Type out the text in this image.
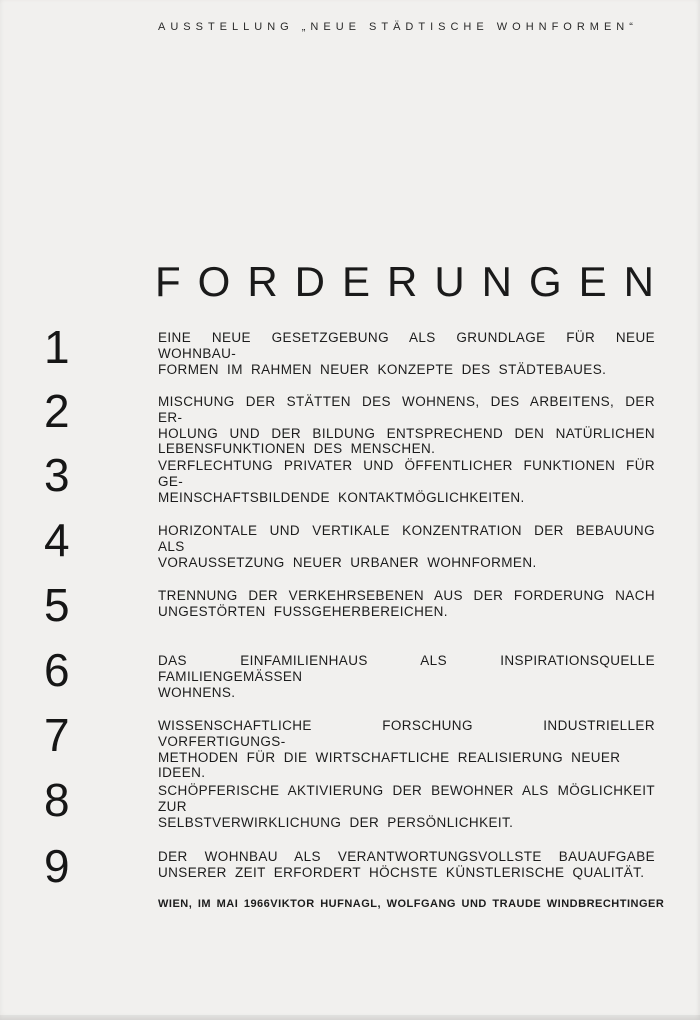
AUSSTELLUNG „NEUE STÄDTISCHE WOHNFORMEN“
FORDERUNGEN
1	EINE NEUE GESETZGEBUNG ALS GRUNDLAGE FÜR NEUE WOHNBAU-
FORMEN IM RAHMEN NEUER KONZEPTE DES STÄDTEBAUES.
2	MISCHUNG DER STÄTTEN DES WOHNENS, DES ARBEITENS, DER ER-
HOLUNG UND DER BILDUNG ENTSPRECHEND DEN NATÜRLICHEN
LEBENSFUNKTIONEN DES MENSCHEN.
3	VERFLECHTUNG PRIVATER UND ÖFFENTLICHER FUNKTIONEN FÜR GE-
MEINSCHAFTSBILDENDE KONTAKTMÖGLICHKEITEN.
4	HORIZONTALE UND VERTIKALE KONZENTRATION DER BEBAUUNG ALS
VORAUSSETZUNG NEUER URBANER WOHNFORMEN.
5	TRENNUNG DER VERKEHRSEBENEN AUS DER FORDERUNG NACH
UNGESTÖRTEN FUSSGEHERBEREICHEN.
6	DAS EINFAMILIENHAUS ALS INSPIRATIONSQUELLE FAMILIENGEMÄSSEN
WOHNENS.
7	WISSENSCHAFTLICHE FORSCHUNG INDUSTRIELLER VORFERTIGUNGS-
METHODEN FÜR DIE WIRTSCHAFTLICHE REALISIERUNG NEUER IDEEN.
8	SCHÖPFERISCHE AKTIVIERUNG DER BEWOHNER ALS MÖGLICHKEIT ZUR
SELBSTVERWIRKLICHUNG DER PERSÖNLICHKEIT.
9	DER WOHNBAU ALS VERANTWORTUNGSVOLLSTE BAUAUFGABE
UNSERER ZEIT ERFORDERT HÖCHSTE KÜNSTLERISCHE QUALITÄT.
WIEN, IM MAI 1966 VIKTOR HUFNAGL, WOLFGANG UND TRAUDE WINDBRECHTINGER
